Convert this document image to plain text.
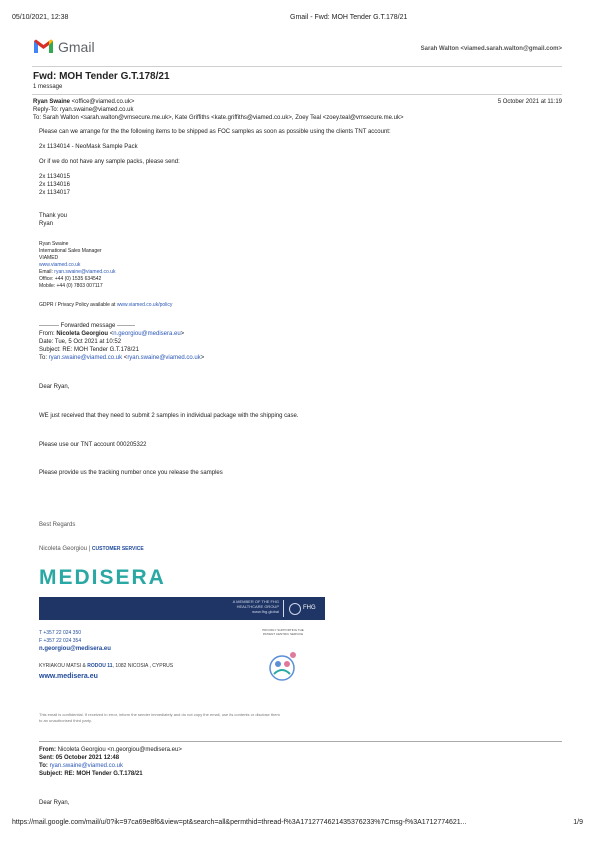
05/10/2021, 12:38	Gmail - Fwd: MOH Tender G.T.178/21
Gmail	Sarah Walton <viamed.sarah.walton@gmail.com>
Fwd: MOH Tender G.T.178/21
1 message
Ryan Swaine <office@viamed.co.uk>	5 October 2021 at 11:19
Reply-To: ryan.swaine@viamed.co.uk
To: Sarah Walton <sarah.walton@vmsecure.me.uk>, Kate Griffiths <kate.griffiths@viamed.co.uk>, Zoey Teal <zoey.teal@vmsecure.me.uk>
Please can we arrange for the the following items to be shipped as FOC samples as soon as possible using the clients TNT account:
2x 1134014 - NeoMask Sample Pack
Or if we do not have any sample packs, please send:
2x 1134015
2x 1134016
2x 1134017
Thank you
Ryan
Ryan Swaine
International Sales Manager
VIAMED
www.viamed.co.uk
Email: ryan.swaine@viamed.co.uk
Office: +44 (0) 1535 634542
Mobile: +44 (0) 7803 007117
GDPR / Privacy Policy available at www.viamed.co.uk/policy
---------- Forwarded message ---------
From: Nicoleta Georgiou <n.georgiou@medisera.eu>
Date: Tue, 5 Oct 2021 at 10:52
Subject: RE: MOH Tender G.T.178/21
To: ryan.swaine@viamed.co.uk <ryan.swaine@viamed.co.uk>
Dear Ryan,
WE just received that they need to submit 2 samples in individual package with the shipping case.
Please use our TNT account 000205322
Please provide us the tracking number once you release the samples
Best Regards
Nicoleta Georgiou | CUSTOMER SERVICE
MEDISERA
A MEMBER OF THE FHG
HEALTHCARE GROUP
www.fhg.global
FHG
T +357 22 024 350
F +357 22 024 354
n.georgiou@medisera.eu
KYRIAKOU MATSI & RODOU 11, 1082 NICOSIA , CYPRUS
www.medisera.eu
PROUDLY SUPPORTING THE PATIENT CENTRIC SERVICE
This email is confidential. If received in error, inform the sender immediately and do not copy the email, use its contents or disclose them
to an unauthorised third party.
From: Nicoleta Georgiou <n.georgiou@medisera.eu>
Sent: 05 October 2021 12:48
To: ryan.swaine@viamed.co.uk
Subject: RE: MOH Tender G.T.178/21
Dear Ryan,
https://mail.google.com/mail/u/0?ik=97ca69e8f6&view=pt&search=all&permthid=thread-f%3A1712774621435376233%7Cmsg-f%3A1712774621...	1/9
